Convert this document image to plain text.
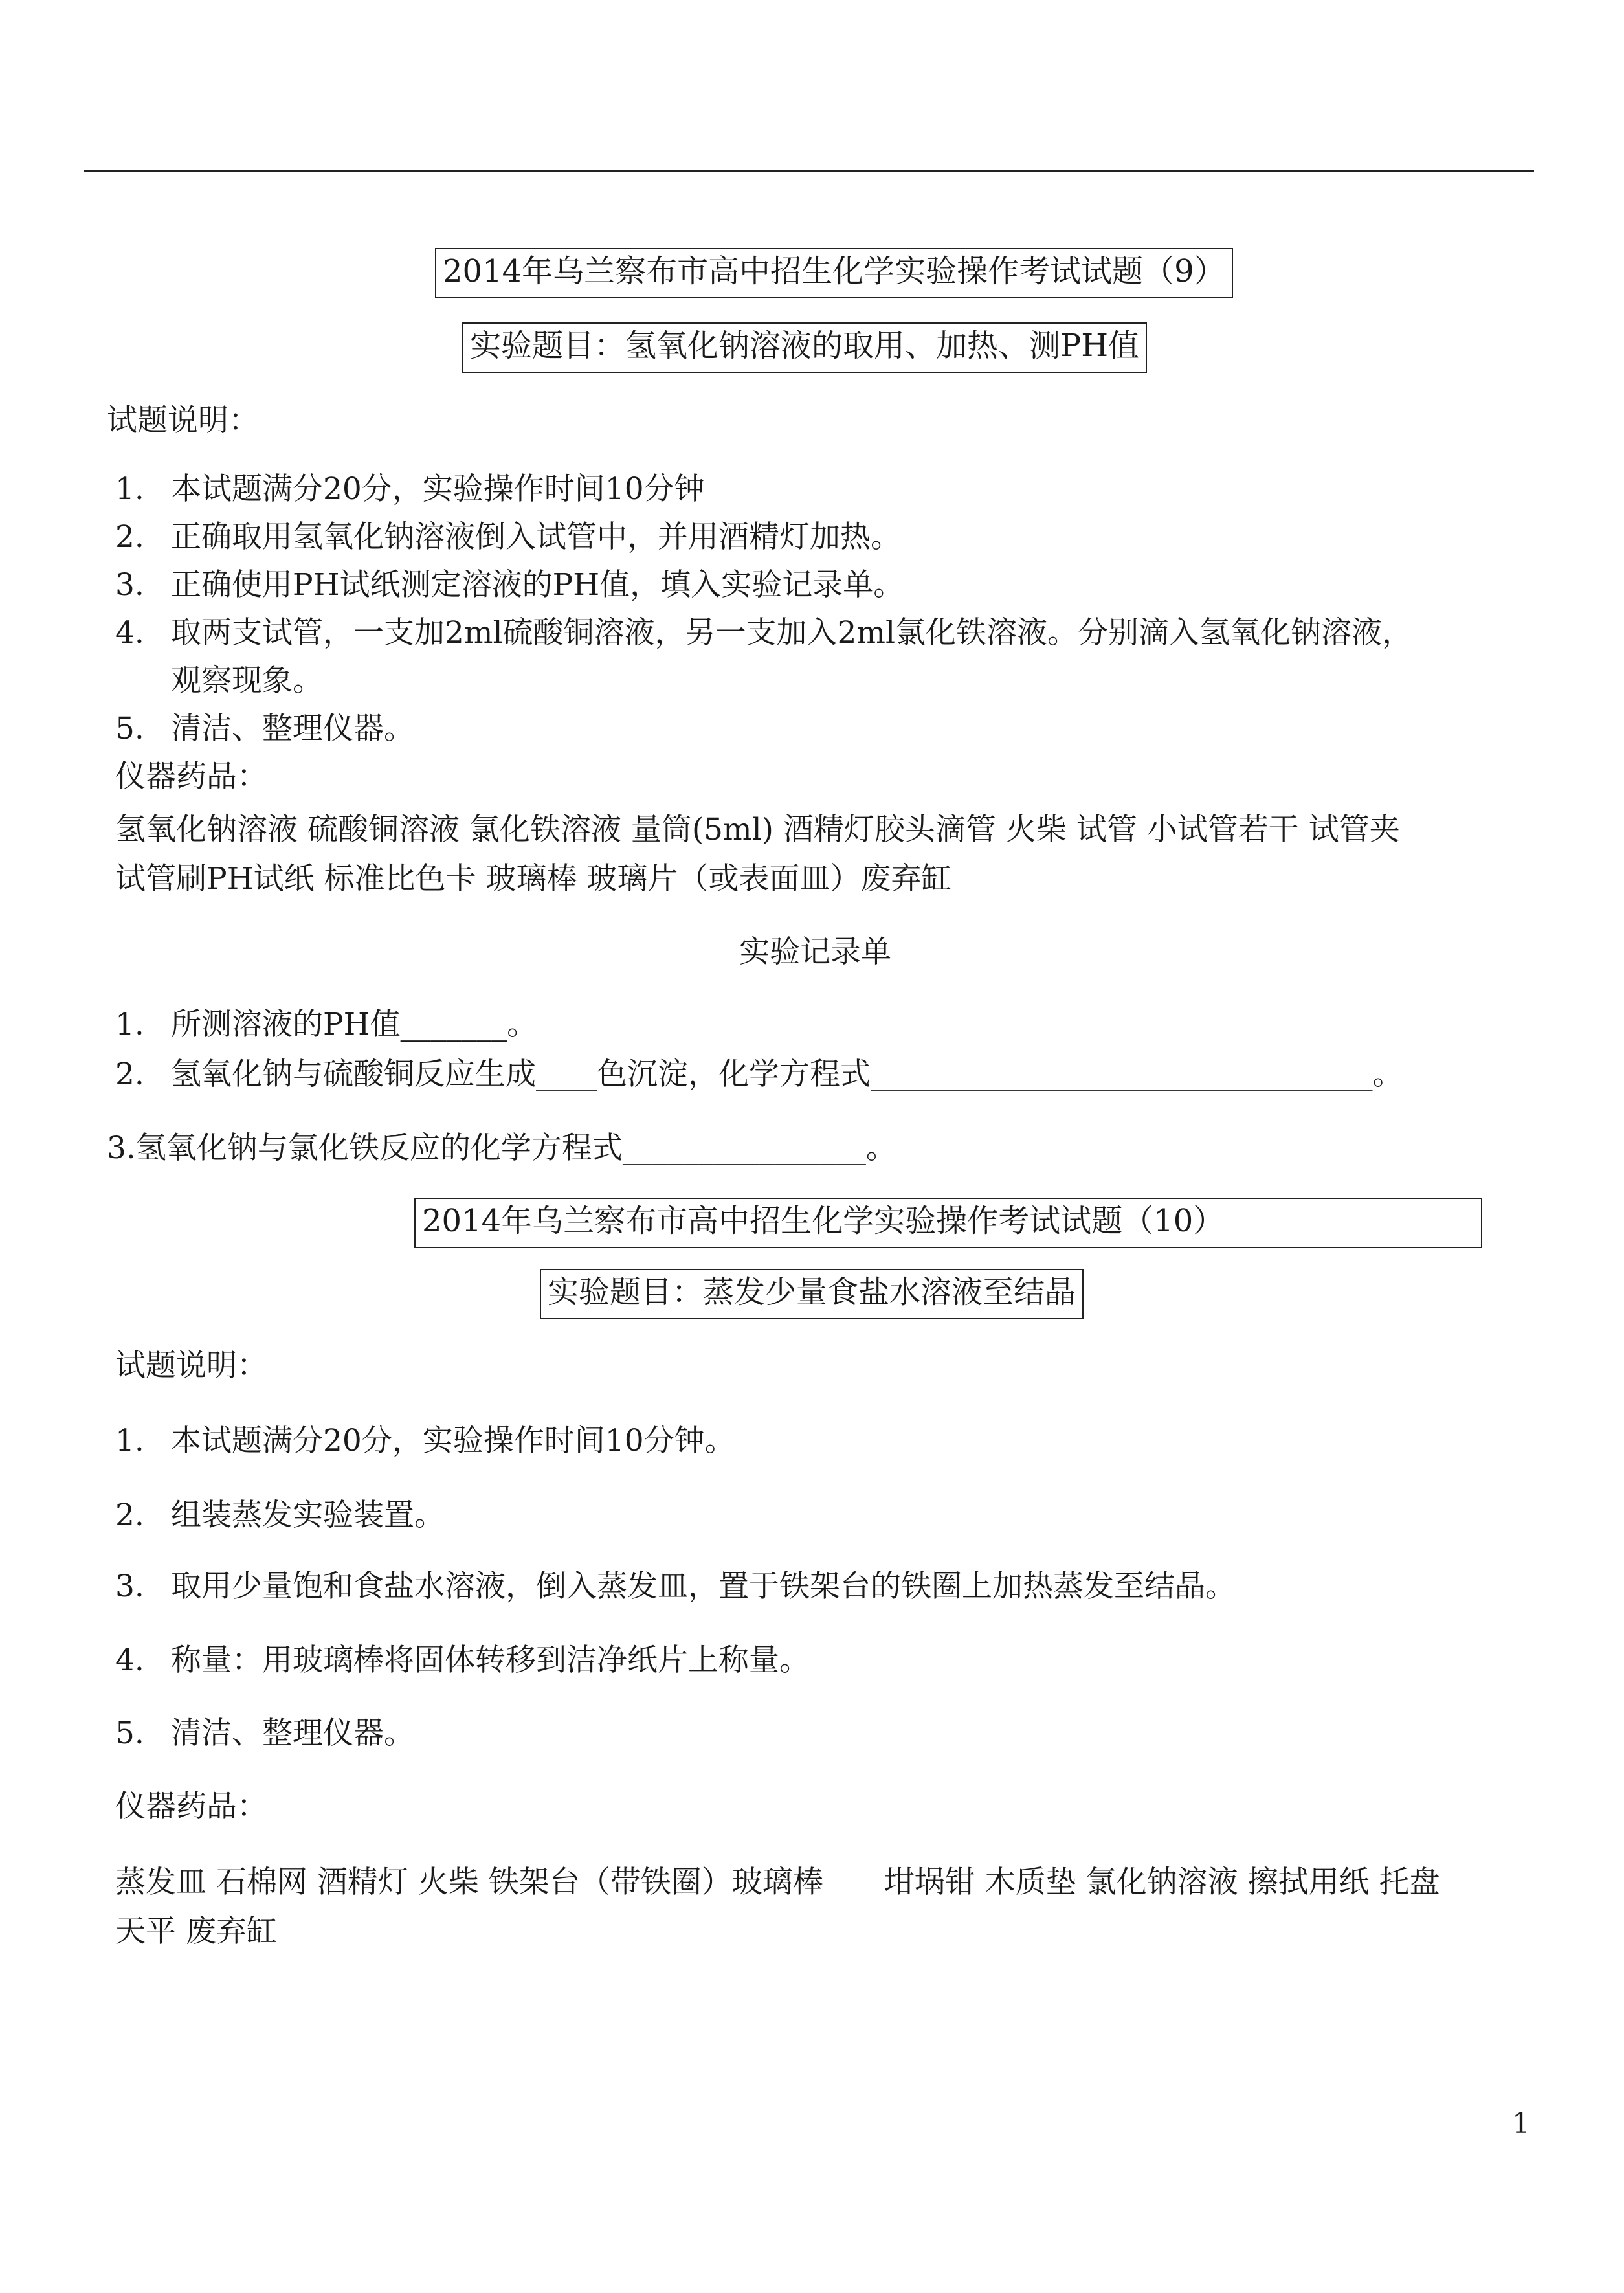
2014年乌兰察布市高中招生化学实验操作考试试题（9）
实验题目：氢氧化钠溶液的取用、加热、测PH值
试题说明：
1. 本试题满分20分，实验操作时间10分钟
2. 正确取用氢氧化钠溶液倒入试管中，并用酒精灯加热。
3. 正确使用PH试纸测定溶液的PH值，填入实验记录单。
4. 取两支试管，一支加2ml硫酸铜溶液，另一支加入2ml氯化铁溶液。分别滴入氢氧化钠溶液，
观察现象。
5. 清洁、整理仪器。
仪器药品：
氢氧化钠溶液 硫酸铜溶液 氯化铁溶液 量筒(5ml) 酒精灯胶头滴管 火柴 试管 小试管若干 试管夹
试管刷PH试纸 标准比色卡 玻璃棒 玻璃片（或表面皿）废弃缸
实验记录单
1. 所测溶液的PH值_______。
2. 氢氧化钠与硫酸铜反应生成____色沉淀，化学方程式_________________________________。
3.氢氧化钠与氯化铁反应的化学方程式________________。
2014年乌兰察布市高中招生化学实验操作考试试题（10）
实验题目：蒸发少量食盐水溶液至结晶
试题说明：
1. 本试题满分20分，实验操作时间10分钟。
2. 组装蒸发实验装置。
3. 取用少量饱和食盐水溶液，倒入蒸发皿，置于铁架台的铁圈上加热蒸发至结晶。
4. 称量：用玻璃棒将固体转移到洁净纸片上称量。
5. 清洁、整理仪器。
仪器药品：
蒸发皿 石棉网 酒精灯 火柴 铁架台（带铁圈）玻璃棒　　坩埚钳 木质垫 氯化钠溶液 擦拭用纸 托盘
天平 废弃缸
1
